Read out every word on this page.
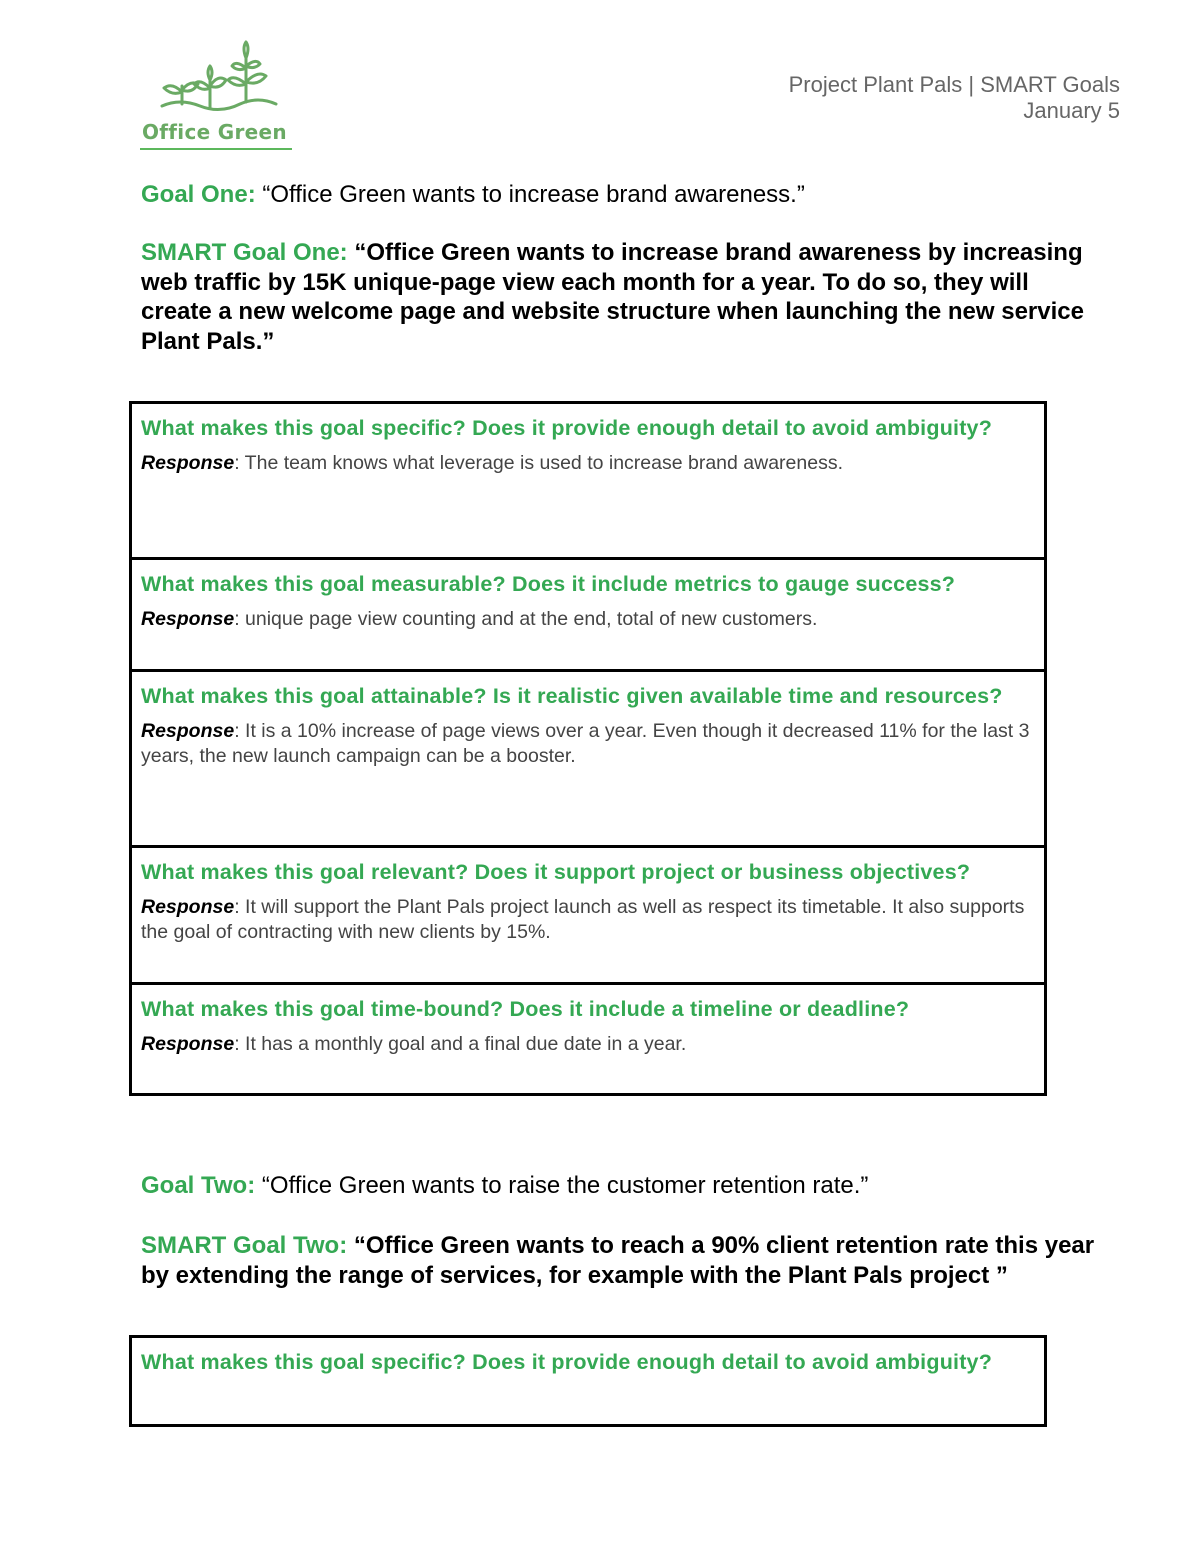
Office Green
Project Plant Pals | SMART Goals
January 5
Goal One: “Office Green wants to increase brand awareness.”
SMART Goal One: “Office Green wants to increase brand awareness by increasing web traffic by 15K unique-page view each month for a year. To do so, they will create a new welcome page and website structure when launching the new service Plant Pals.”
What makes this goal specific? Does it provide enough detail to avoid ambiguity?
Response: The team knows what leverage is used to increase brand awareness.
What makes this goal measurable? Does it include metrics to gauge success?
Response: unique page view counting and at the end, total of new customers.
What makes this goal attainable? Is it realistic given available time and resources?
Response: It is a 10% increase of page views over a year. Even though it decreased 11% for the last 3 years, the new launch campaign can be a booster.
What makes this goal relevant? Does it support project or business objectives?
Response: It will support the Plant Pals project launch as well as respect its timetable. It also supports the goal of contracting with new clients by 15%.
What makes this goal time-bound? Does it include a timeline or deadline?
Response: It has a monthly goal and a final due date in a year.
Goal Two: “Office Green wants to raise the customer retention rate.”
SMART Goal Two: “Office Green wants to reach a 90% client retention rate this year by extending the range of services, for example with the Plant Pals project ”
What makes this goal specific? Does it provide enough detail to avoid ambiguity?
